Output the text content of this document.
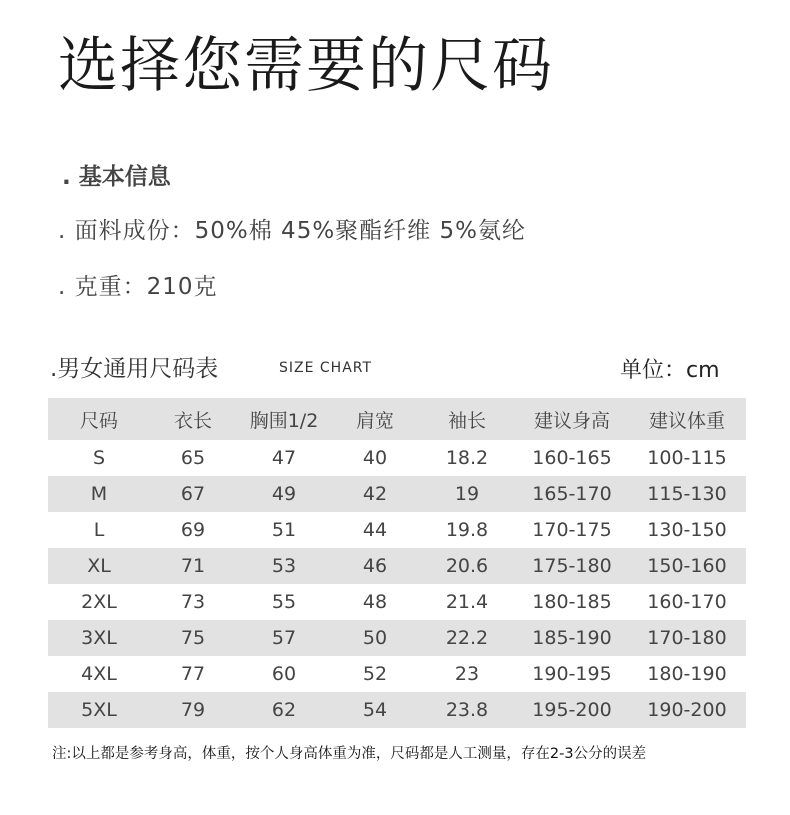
选择您需要的尺码
. 基本信息
. 面料成份：50%棉 45%聚酯纤维 5%氨纶
. 克重：210克
.男女通用尺码表	SIZE CHART	单位：cm
尺码	衣长	胸围1/2	肩宽	袖长	建议身高	建议体重
S	65	47	40	18.2	160-165	100-115
M	67	49	42	19	165-170	115-130
L	69	51	44	19.8	170-175	130-150
XL	71	53	46	20.6	175-180	150-160
2XL	73	55	48	21.4	180-185	160-170
3XL	75	57	50	22.2	185-190	170-180
4XL	77	60	52	23	190-195	180-190
5XL	79	62	54	23.8	195-200	190-200
注:以上都是参考身高，体重，按个人身高体重为准，尺码都是人工测量，存在2-3公分的误差
